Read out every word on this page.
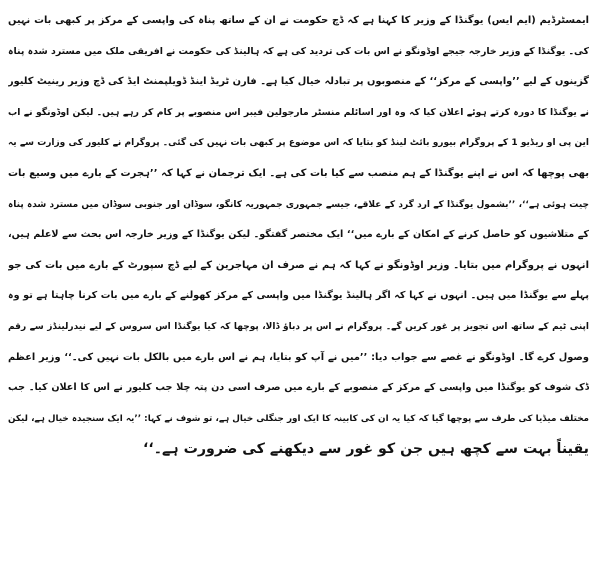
ایمسٹرڈیم (ایم ایس) یوگنڈا کے وزیر کا کہنا ہے کہ ڈچ حکومت نے ان کے ساتھ پناہ کی واپسی کے مرکز پر کبھی بات نہیں
کی۔ یوگنڈا کے وزیر خارجہ جیجے اوڈونگو نے اس بات کی تردید کی ہے کہ ہالینڈ کی حکومت نے افریقی ملک میں مسترد شدہ پناہ
گزینوں کے لیے ’’واپسی کے مرکز‘‘ کے منصوبوں پر تبادلہ خیال کیا ہے۔ فارن ٹریڈ اینڈ ڈویلپمنٹ ایڈ کی ڈچ وزیر رینیٹ کلیور
نے یوگنڈا کا دورہ کرتے ہوئے اعلان کیا کہ وہ اور اسائلم منسٹر مارجولین فیبر اس منصوبے پر کام کر رہے ہیں۔ لیکن اوڈونگو نے اب
این پی او ریڈیو 1 کے پروگرام بیورو بائٹ لینڈ کو بتایا کہ اس موضوع پر کبھی بات نہیں کی گئی۔ پروگرام نے کلیور کی وزارت سے یہ
بھی پوچھا کہ اس نے اپنے یوگنڈا کے ہم منصب سے کیا بات کی ہے۔ ایک ترجمان نے کہا کہ ’’ہجرت کے بارے میں وسیع بات
چیت ہوئی ہے‘‘، ’’بشمول یوگنڈا کے ارد گرد کے علاقے، جیسے جمہوری جمہوریہ کانگو، سوڈان اور جنوبی سوڈان میں مسترد شدہ پناہ
کے متلاشیوں کو حاصل کرنے کے امکان کے بارے میں‘‘ ایک مختصر گفتگو۔ لیکن یوگنڈا کے وزیر خارجہ اس بحث سے لاعلم ہیں،
انہوں نے پروگرام میں بتایا۔ وزیر اوڈونگو نے کہا کہ ہم نے صرف ان مہاجرین کے لیے ڈچ سپورٹ کے بارے میں بات کی جو
پہلے سے یوگنڈا میں ہیں۔ انہوں نے کہا کہ اگر ہالینڈ یوگنڈا میں واپسی کے مرکز کھولنے کے بارے میں بات کرنا چاہتا ہے تو وہ
اپنی ٹیم کے ساتھ اس تجویز پر غور کریں گے۔ پروگرام نے اس پر دباؤ ڈالا، پوچھا کہ کیا یوگنڈا اس سروس کے لیے نیدرلینڈز سے رقم
وصول کرے گا۔ اوڈونگو نے غصے سے جواب دیا: ’’میں نے آپ کو بتایا، ہم نے اس بارے میں بالکل بات نہیں کی۔‘‘ وزیر اعظم
ڈک شوف کو یوگنڈا میں واپسی کے مرکز کے منصوبے کے بارے میں صرف اسی دن پتہ چلا جب کلیور نے اس کا اعلان کیا۔ جب
مختلف میڈیا کی طرف سے پوچھا گیا کہ کیا یہ ان کی کابینہ کا ایک اور جنگلی خیال ہے، تو شوف نے کہا: ’’یہ ایک سنجیدہ خیال ہے، لیکن
یقیناً بہت سے کچھ ہیں جن کو غور سے دیکھنے کی ضرورت ہے۔‘‘
